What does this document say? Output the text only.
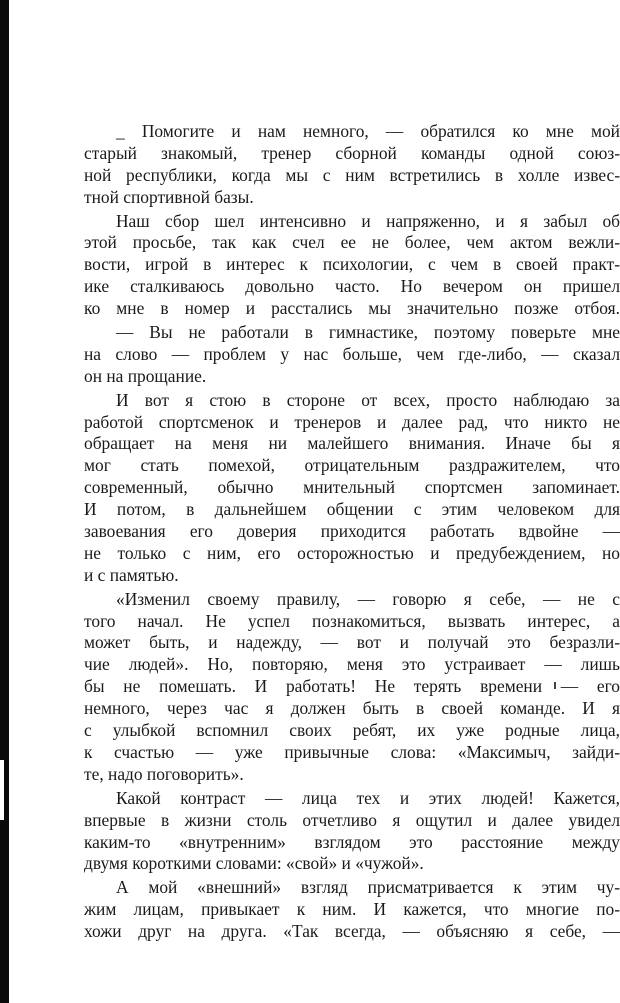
_ Помогите и нам немного, — обратился ко мне мой
старый знакомый, тренер сборной команды одной союз-
ной республики, когда мы с ним встретились в холле извес-
тной спортивной базы.
Наш сбор шел интенсивно и напряженно, и я забыл об
этой просьбе, так как счел ее не более, чем актом вежли-
вости, игрой в интерес к психологии, с чем в своей практ-
ике сталкиваюсь довольно часто. Но вечером он пришел
ко мне в номер и расстались мы значительно позже отбоя.
— Вы не работали в гимнастике, поэтому поверьте мне
на слово — проблем у нас больше, чем где-либо, — сказал
он на прощание.
И вот я стою в стороне от всех, просто наблюдаю за
работой спортсменок и тренеров и далее рад, что никто не
обращает на меня ни малейшего внимания. Иначе бы я
мог стать помехой, отрицательным раздражителем, что
современный, обычно мнительный спортсмен запоминает.
И потом, в дальнейшем общении с этим человеком для
завоевания его доверия приходится работать вдвойне —
не только с ним, его осторожностью и предубеждением, но
и с памятью.
«Изменил своему правилу, — говорю я себе, — не с
того начал. Не успел познакомиться, вызвать интерес, а
может быть, и надежду, — вот и получай это безразли-
чие людей». Но, повторяю, меня это устраивает — лишь
бы не помешать. И работать! Не терять времени — его
немного, через час я должен быть в своей команде. И я
с улыбкой вспомнил своих ребят, их уже родные лица,
к счастью — уже привычные слова: «Максимыч, зайди-
те, надо поговорить».
Какой контраст — лица тех и этих людей! Кажется,
впервые в жизни столь отчетливо я ощутил и далее увидел
каким-то «внутренним» взглядом это расстояние между
двумя короткими словами: «свой» и «чужой».
А мой «внешний» взгляд присматривается к этим чу-
жим лицам, привыкает к ним. И кажется, что многие по-
хожи друг на друга. «Так всегда, — объясняю я себе, —
